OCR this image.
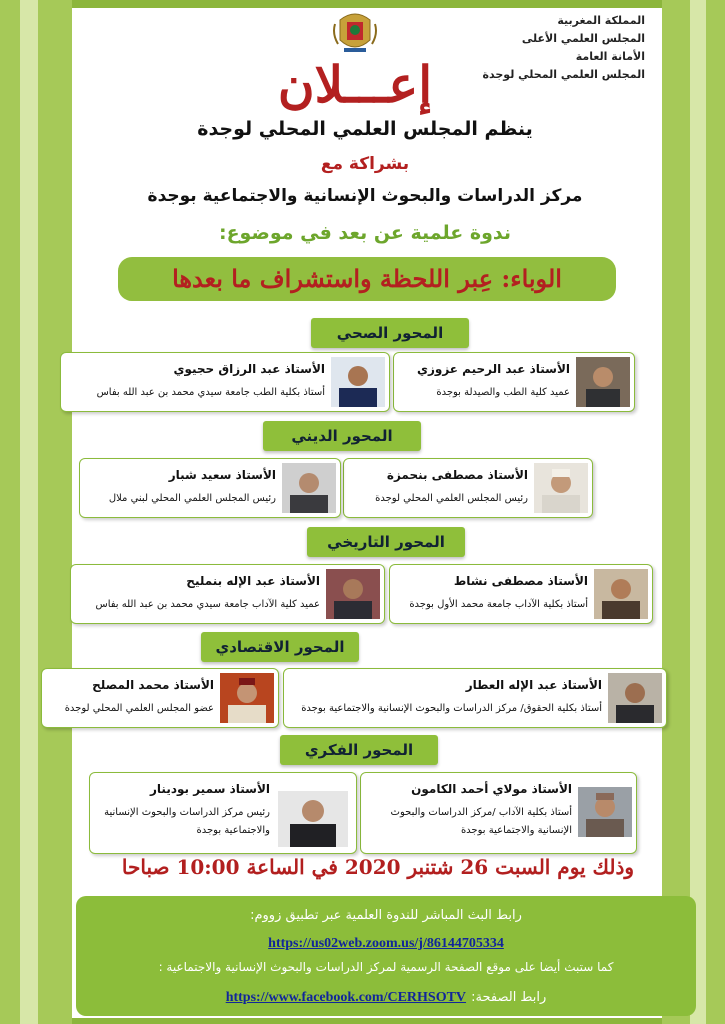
المملكة المغربية
المجلس العلمي الأعلى
الأمانة العامة
المجلس العلمي المحلي لوجدة
إعـــلان
ينظم المجلس العلمي المحلي لوجدة
بشراكة مع
مركز الدراسات والبحوث الإنسانية والاجتماعية بوجدة
ندوة علمية عن بعد في موضوع:
الوباء: عِبر اللحظة واستشراف ما بعدها
المحور الصحي
الأستاذ عبد الرحيم عزوزي
عميد كلية الطب والصيدلة بوجدة
الأستاذ عبد الرزاق حجيوي
أستاذ بكلية الطب جامعة سيدي محمد بن عبد الله بفاس
المحور الديني
الأستاذ مصطفى بنحمزة
رئيس المجلس العلمي المحلي لوجدة
الأستاذ سعيد شبار
رئيس المجلس العلمي المحلي لبني ملال
المحور التاريخي
الأستاذ مصطفى نشاط
أستاذ بكلية الآداب جامعة محمد الأول بوجدة
الأستاذ عبد الإله بنمليح
عميد كلية الآداب جامعة سيدي محمد بن عبد الله بفاس
المحور الاقتصادي
الأستاذ عبد الإله العطار
أستاذ بكلية الحقوق/ مركز الدراسات والبحوث الإنسانية والاجتماعية بوجدة
الأستاذ محمد المصلح
عضو المجلس العلمي المحلي لوجدة
المحور الفكري
الأستاذ مولاي أحمد الكامون
أستاذ بكلية الآداب /مركز الدراسات والبحوث
الإنسانية والاجتماعية بوجدة
الأستاذ سمير بودينار
رئيس مركز الدراسات والبحوث الإنسانية
والاجتماعية بوجدة
وذلك يوم السبت 26 شتنبر 2020 في الساعة 10:00 صباحا
رابط البث المباشر للندوة العلمية عبر تطبيق زووم:
https://us02web.zoom.us/j/86144705334
كما ستبث أيضا على موقع الصفحة الرسمية لمركز الدراسات والبحوث الإنسانية والاجتماعية :
رابط الصفحة: https://www.facebook.com/CERHSOTV
